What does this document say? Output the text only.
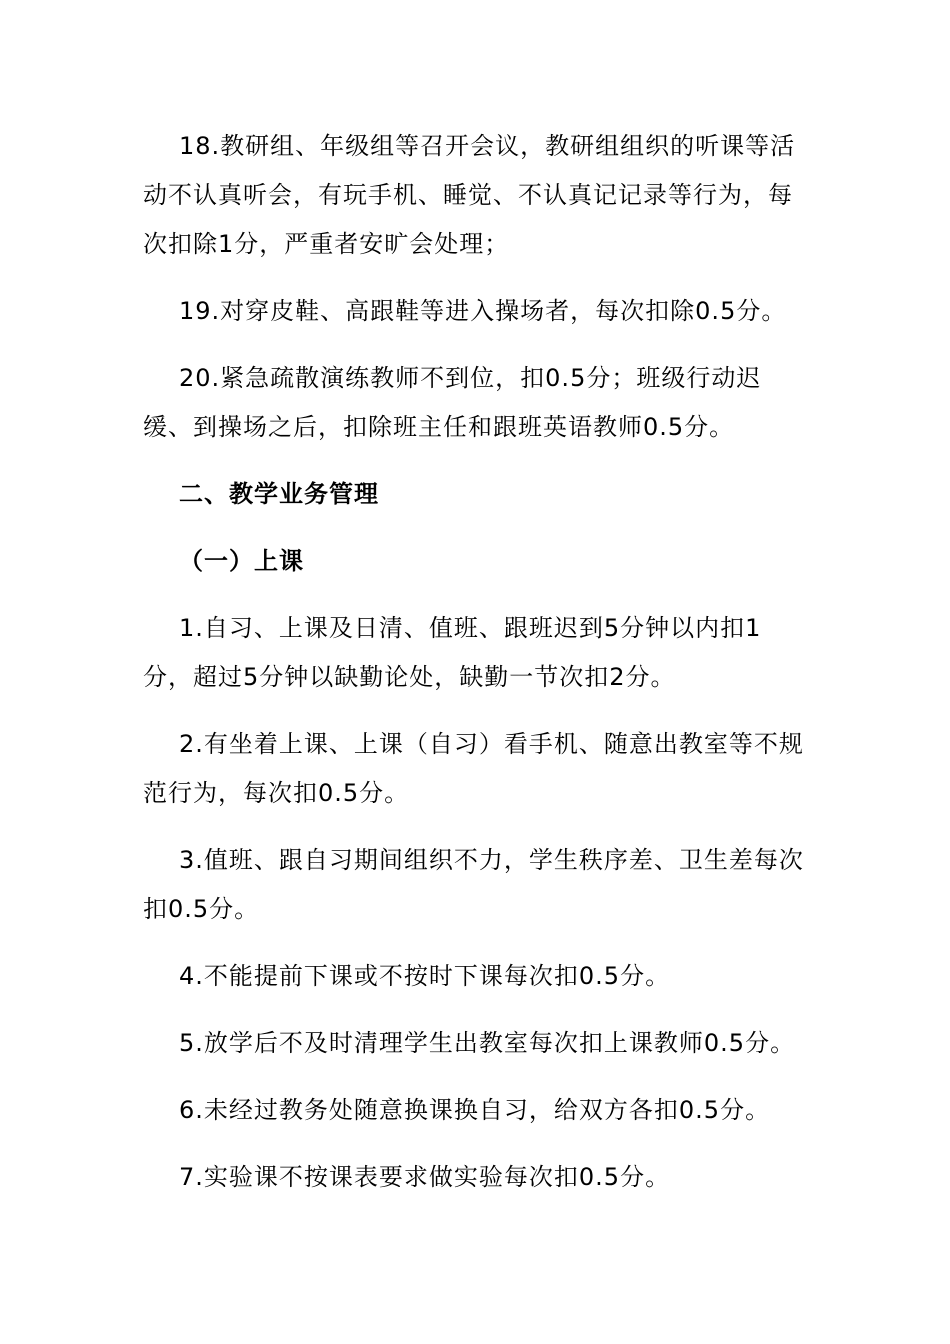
18.教研组、年级组等召开会议，教研组组织的听课等活动不认真听会，有玩手机、睡觉、不认真记记录等行为，每次扣除1分，严重者安旷会处理；

19.对穿皮鞋、高跟鞋等进入操场者，每次扣除0.5分。

20.紧急疏散演练教师不到位，扣0.5分；班级行动迟缓、到操场之后，扣除班主任和跟班英语教师0.5分。

二、教学业务管理

（一）上课

1.自习、上课及日清、值班、跟班迟到5分钟以内扣1分，超过5分钟以缺勤论处，缺勤一节次扣2分。

2.有坐着上课、上课（自习）看手机、随意出教室等不规范行为，每次扣0.5分。

3.值班、跟自习期间组织不力，学生秩序差、卫生差每次扣0.5分。

4.不能提前下课或不按时下课每次扣0.5分。

5.放学后不及时清理学生出教室每次扣上课教师0.5分。

6.未经过教务处随意换课换自习，给双方各扣0.5分。

7.实验课不按课表要求做实验每次扣0.5分。
